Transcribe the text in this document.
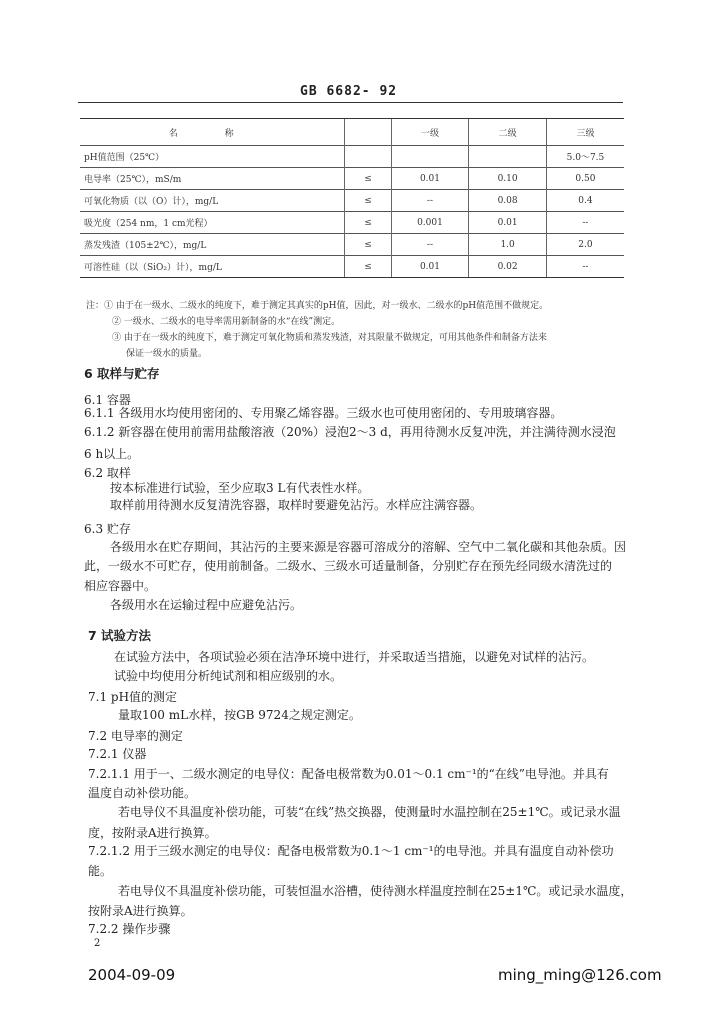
GB 6682- 92
名 称		一级	二级	三级
pH值范围（25℃）				5.0～7.5
电导率（25℃），mS/m	≤	0.01	0.10	0.50
可氧化物质（以（O）计），mg/L	≤	--	0.08	0.4
吸光度（254 nm，1 cm光程）	≤	0.001	0.01	--
蒸发残渣（105±2℃），mg/L	≤	--	1.0	2.0
可溶性硅（以（SiO₂）计），mg/L	≤	0.01	0.02	--
注：① 由于在一级水、二级水的纯度下，难于测定其真实的pH值，因此，对一级水、二级水的pH值范围不做规定。
② 一级水、二级水的电导率需用新制备的水“在线”测定。
③ 由于在一级水的纯度下，难于测定可氧化物质和蒸发残渣，对其限量不做规定，可用其他条件和制备方法来
保证一级水的质量。
6 取样与贮存
6.1 容器
6.1.1 各级用水均使用密闭的、专用聚乙烯容器。三级水也可使用密闭的、专用玻璃容器。
6.1.2 新容器在使用前需用盐酸溶液（20%）浸泡2～3 d，再用待测水反复冲洗，并注满待测水浸泡
6 h以上。
6.2 取样
按本标准进行试验，至少应取3 L有代表性水样。
取样前用待测水反复清洗容器，取样时要避免沾污。水样应注满容器。
6.3 贮存
各级用水在贮存期间，其沾污的主要来源是容器可溶成分的溶解、空气中二氧化碳和其他杂质。因
此，一级水不可贮存，使用前制备。二级水、三级水可适量制备，分别贮存在预先经同级水清洗过的
相应容器中。
各级用水在运输过程中应避免沾污。
7 试验方法
在试验方法中，各项试验必须在洁净环境中进行，并采取适当措施，以避免对试样的沾污。
试验中均使用分析纯试剂和相应级别的水。
7.1 pH值的测定
量取100 mL水样，按GB 9724之规定测定。
7.2 电导率的测定
7.2.1 仪器
7.2.1.1 用于一、二级水测定的电导仪：配备电极常数为0.01～0.1 cm⁻¹的“在线”电导池。并具有
温度自动补偿功能。
若电导仪不具温度补偿功能，可装“在线”热交换器，使测量时水温控制在25±1℃。或记录水温
度，按附录A进行换算。
7.2.1.2 用于三级水测定的电导仪：配备电极常数为0.1～1 cm⁻¹的电导池。并具有温度自动补偿功
能。
若电导仪不具温度补偿功能，可装恒温水浴槽，使待测水样温度控制在25±1℃。或记录水温度，
按附录A进行换算。
7.2.2 操作步骤
2
2004-09-09	ming_ming@126.com
